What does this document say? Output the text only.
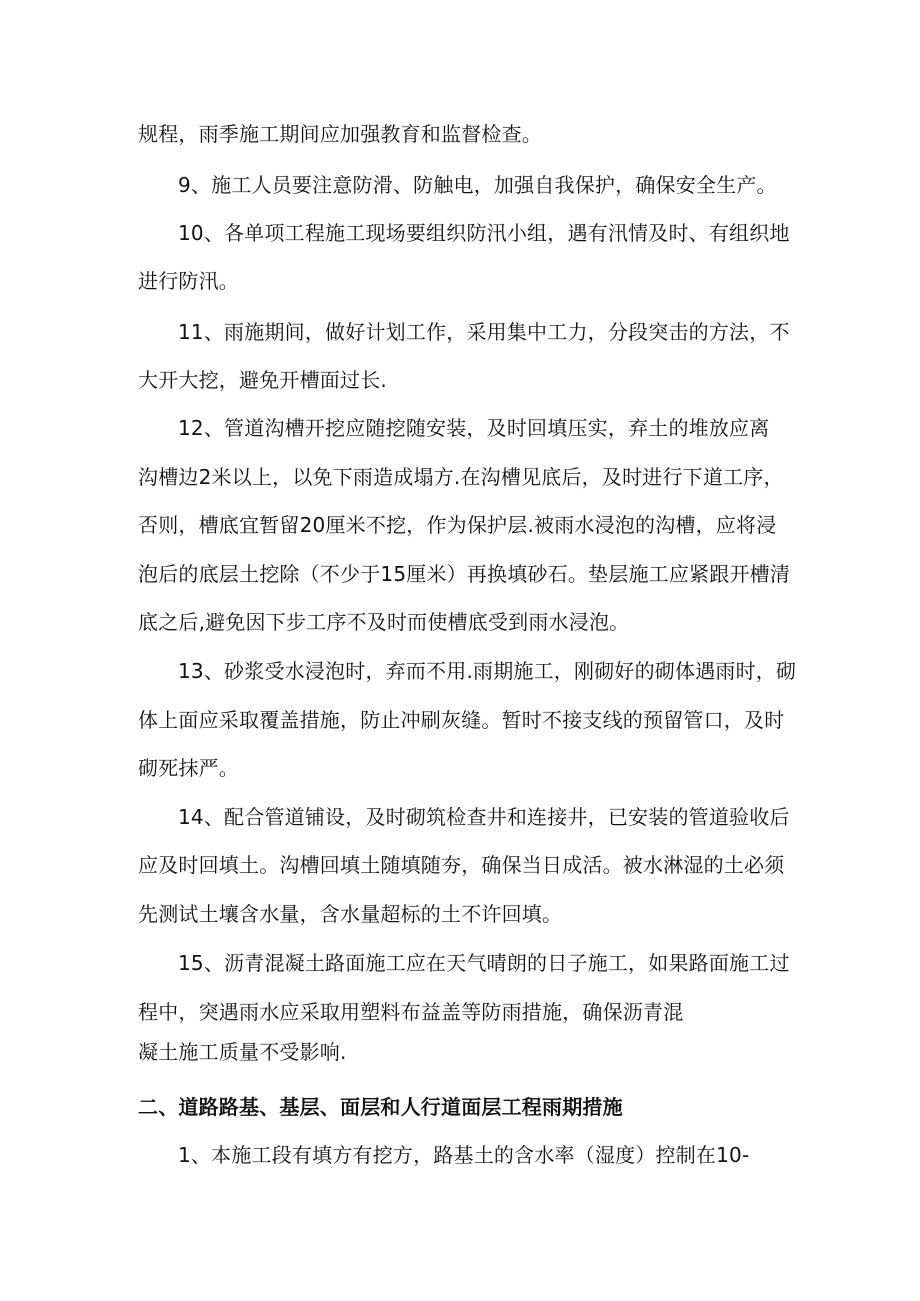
规程，雨季施工期间应加强教育和监督检查。
9、施工人员要注意防滑、防触电，加强自我保护，确保安全生产。
10、各单项工程施工现场要组织防汛小组，遇有汛情及时、有组织地
进行防汛。
11、雨施期间，做好计划工作，采用集中工力，分段突击的方法，不
大开大挖，避免开槽面过长.
12、管道沟槽开挖应随挖随安装，及时回填压实，弃土的堆放应离
沟槽边2米以上，以免下雨造成塌方.在沟槽见底后，及时进行下道工序，
否则，槽底宜暂留20厘米不挖，作为保护层.被雨水浸泡的沟槽，应将浸
泡后的底层土挖除（不少于15厘米）再换填砂石。垫层施工应紧跟开槽清
底之后,避免因下步工序不及时而使槽底受到雨水浸泡。
13、砂浆受水浸泡时，弃而不用.雨期施工，刚砌好的砌体遇雨时，砌
体上面应采取覆盖措施，防止冲刷灰缝。暂时不接支线的预留管口，及时
砌死抹严。
14、配合管道铺设，及时砌筑检查井和连接井，已安装的管道验收后
应及时回填土。沟槽回填土随填随夯，确保当日成活。被水淋湿的土必须
先测试土壤含水量，含水量超标的土不许回填。
15、沥青混凝土路面施工应在天气晴朗的日子施工，如果路面施工过
程中，突遇雨水应采取用塑料布益盖等防雨措施，确保沥青混
凝土施工质量不受影响.
二、道路路基、基层、面层和人行道面层工程雨期措施
1、本施工段有填方有挖方，路基土的含水率（湿度）控制在10-
